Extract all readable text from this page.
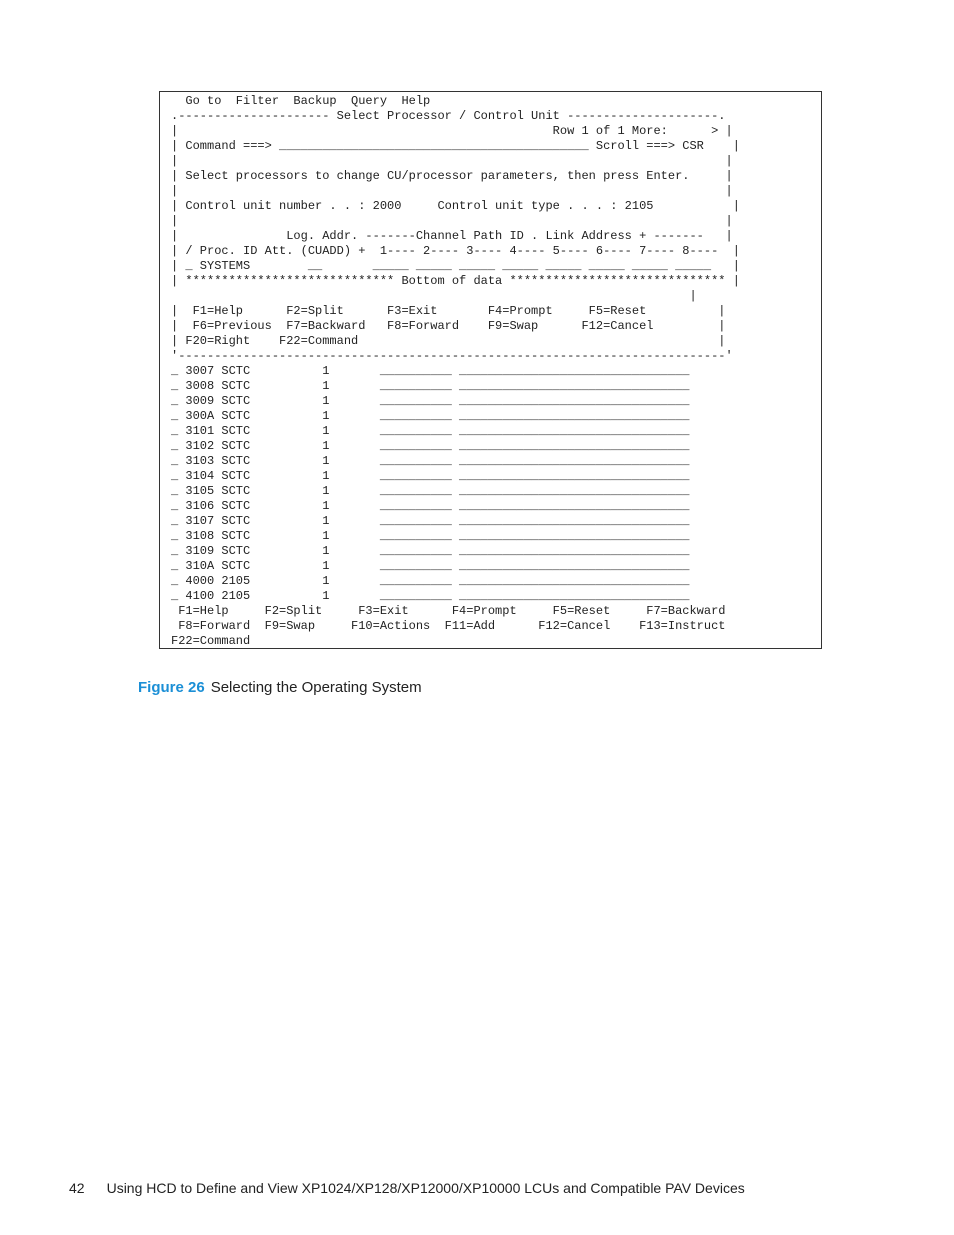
Go to  Filter  Backup  Query  Help
.--------------------- Select Processor / Control Unit ---------------------.
|                                                    Row 1 of 1 More:      > |
| Command ===> ___________________________________________ Scroll ===> CSR    |
|                                                                            |
| Select processors to change CU/processor parameters, then press Enter.     |
|                                                                            |
| Control unit number . . : 2000     Control unit type . . . : 2105           |
|                                                                            |
|               Log. Addr. -------Channel Path ID . Link Address + -------   |
| / Proc. ID Att. (CUADD) +  1---- 2---- 3---- 4---- 5---- 6---- 7---- 8----  |
| _ SYSTEMS        __       _____ _____ _____ _____ _____ _____ _____ _____   |
| ***************************** Bottom of data ****************************** |
|
|  F1=Help      F2=Split      F3=Exit       F4=Prompt     F5=Reset          |
|  F6=Previous  F7=Backward   F8=Forward    F9=Swap      F12=Cancel         |
| F20=Right    F22=Command                                                  |
'----------------------------------------------------------------------------'
_ 3007 SCTC          1       __________ ________________________________
_ 3008 SCTC          1       __________ ________________________________
_ 3009 SCTC          1       __________ ________________________________
_ 300A SCTC          1       __________ ________________________________
_ 3101 SCTC          1       __________ ________________________________
_ 3102 SCTC          1       __________ ________________________________
_ 3103 SCTC          1       __________ ________________________________
_ 3104 SCTC          1       __________ ________________________________
_ 3105 SCTC          1       __________ ________________________________
_ 3106 SCTC          1       __________ ________________________________
_ 3107 SCTC          1       __________ ________________________________
_ 3108 SCTC          1       __________ ________________________________
_ 3109 SCTC          1       __________ ________________________________
_ 310A SCTC          1       __________ ________________________________
_ 4000 2105          1       __________ ________________________________
_ 4100 2105          1       __________ ________________________________
F1=Help     F2=Split     F3=Exit      F4=Prompt     F5=Reset     F7=Backward
F8=Forward  F9=Swap     F10=Actions  F11=Add      F12=Cancel    F13=Instruct
F22=Command
Figure 26 Selecting the Operating System
42 Using HCD to Define and View XP1024/XP128/XP12000/XP10000 LCUs and Compatible PAV Devices
